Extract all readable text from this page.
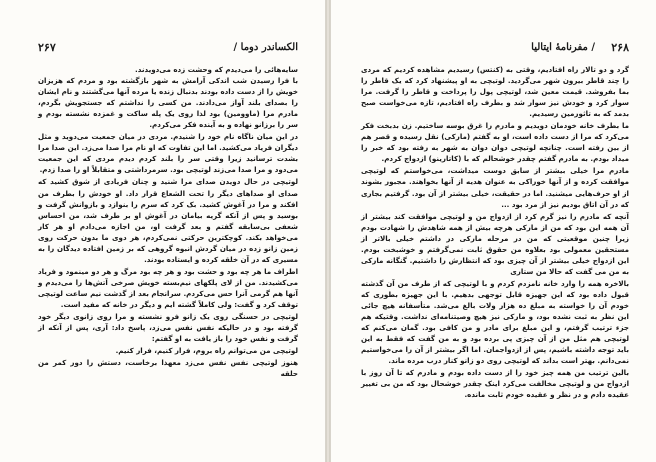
۲۶۷	الکساندر دوما /

سایه‌هائی را می‌دیدم که وحشت زده می‌دویدند.

با فرا رسیدن شب اندکی آرامش به شهر بازگشته بود و مردم که هزیزان خویش را از دست داده بودند بدنبال زنده یا مرده آنها می‌گشتند و نام ایشان را بصدای بلند آواز می‌دادند. من کسی را نداشتم که جستجویش بگردم، مادرم مرا (ماوومین) بود لذا روی یک پله ساکت و غمزده نشسته بودم و سر را برزانو نهاده و به آینده فکر می‌کردم.

در این میان ناگاه نام خود را شنیدم. مردی در میان جمعیت می‌دوید و مثل دیگران فریاد می‌کشید. اما این تفاوت که او نام مرا صدا می‌زد. این صدا مرا بشدت ترسانید زیرا وقتی سر را بلند کردم دیدم مردی که این جمعیت می‌دود و مرا صدا می‌زند لوتیچی بود. سرمرداشتی و متقابلاً او را صدا زدم.

لوتیچی در حال دویدن صدای مرا شنید و چنان فریادی از شوق کشید که صدای او صداهای دیگر را تحت الشعاع قرار داد. او خودش را بطرف من افکند و مرا در آغوش کشید. بک کرد که سرم را بنوازد و بازوانش گرفت و بوسید و پس از آنکه گریه بیامان در آغوش او بر طرف شد، من احساس شعفی بی‌سابقه گفتم و بعد گرفت او، من اجازه می‌دادم او هر کار می‌خواهد بکند. کوچکترین حرکتی نمی‌کردم، هر دوی ما بدون حرکت روی زمین زانو زده در میان گردش انبوه گروهی که بر زمین افتاده دیدگان را به مسیری که در آن خلقه کرده و ایستاده بودند.

اطراف ما هر چه بود و حشت بود و هر چه بود مرگ و هر دو مینمود و فریاد می‌کشیدند. من از لای پلکهای نیم‌بسته خویش صرخی آتش‌ها را می‌دیدم و آنها هم گرمی آنرا حس می‌کردم. سرانجام بعد از گذشت نیم ساعت لوتیچی توقف کرد و گفت: ولی کاملاً گشته ایم و دیگر در خانه که مفید است.

لوتیچی در حسنگی روی یک زانو فرو نشسته و مرا روی زانوی دیگر خود گرفته بود و در حالیکه نفس نفس می‌زد، پاسخ داد: آری، پس از آنکه از گرفت و نفس خود را باز یافت به او گفتم:

لوتیچی من می‌توانم راه بروم، فرار کنیم، فرار کنیم.

هنوز لوتیچی نفس نفس می‌زد معهذا برخاست، دستش را دور کمر من حلقه

۲۶۸
/ مفرنامهٔ ایتالیا

گرد و دو تالار راه افتادیم، وقتی به (کنتس) رسیدیم مشاهده کردیم که مردی را چند قاطر بیرون شهر می‌گردید. لوتیچی به او پیشنهاد کرد که یک قاطر را بما بفروشد. قیمت معین شد، لوتیچی پول را پرداخت و قاطر را گرفت. مرا سوار کرد و خودش نیز سوار شد و بطرف راه افتادیم، تازه می‌خواست صبح بدمد که به تاثورمین رسیدیم.

ما بطرف خانه خودمان دویدیم و مادرم را غرق بوسه ساختیم. زن بدبخت فکر می‌کرد که مرا از دست داده است، او به گفتم (مارکی) نقل رسیده و قصر هم از بین رفته است. چنانچه لوتیچی دوان دوان به شهر به رفته بود که خبر را میداد بودم. به مادرم گفتم چقدر خوشحالم که با (کاتارینو) ازدواج کردم.

مادرم مرا خیلی بیشتر از سابق دوست میداشت، می‌خواستم که لوتیچی موافقت کرده و از آنها خوراکی به عنوان هدیه از آنها بخواهند. مجبور بشوند از او حرف‌هایی میشنید. اما در حقیقت، خیلی بیشتر از آن بود. گرفتیم بجاری که در آن اتاق بودیم نیز از مرد بود ...

آنچه که مادرم را نیز گرم کرد از ازدواج من و لوتیچی موافقت کند بیشتر از آن همه این بود که من از مارکی هرچه بیش از همه شاهدش را شهادت بودم زیرا چنین موقعیتی که من در مرحله مارکی در داشتم خیلی بالاتر از مستحقین معمولی بود بعلاوه من حقوق ثابت نمی‌گرفتم و خوشبخت بودم. این ازدواج خیلی بیشتر از آن چیزی بود که انتظارش را داشتیم. گنگانه مارکی به من می‌ گفت که حالا من ستاری

بالاخره همه را وارد خانه نامزدم کردم و با لوتیچی که از طرف من آن گذشته قبول داده بود که این جهیزه قابل توجهی بدهیم. با این جهیزه بطوری که خودم آن را خواسته به مبلغ ده هزار ولات بالغ می‌شد. متأسفانه هیچ جائی این نظر به ثبت نشده بود، و مارکی نیز هیچ وصیتنامه‌ای نداشت. وقتیکه هم جزء ترتیب گرفتم، و این مبلغ برای مادر و من کافی بود. گمان می‌کنم که لوتیچی هم مثل من از آن چیزی پی برده بود و به من گفت که فقط به این باید توجه داشته باشیم، پس از ازدواجمان. اما اگر بیشتر از آن را می‌خواستیم نمی‌دانم. بهتر است بداند که لوتیچی روی دو زانو کنار درب مرده ماند.

بالین ترتیب من همه چیز خود را از دست داده بودم و مادرم که تا آن روز با ازدواج من و لوتیچی مخالفت می‌کرد اینک چقدر خوشحال بود که من بی تغییر عقیده دادم و در نظر و عقیده خودم ثابت مانده.
